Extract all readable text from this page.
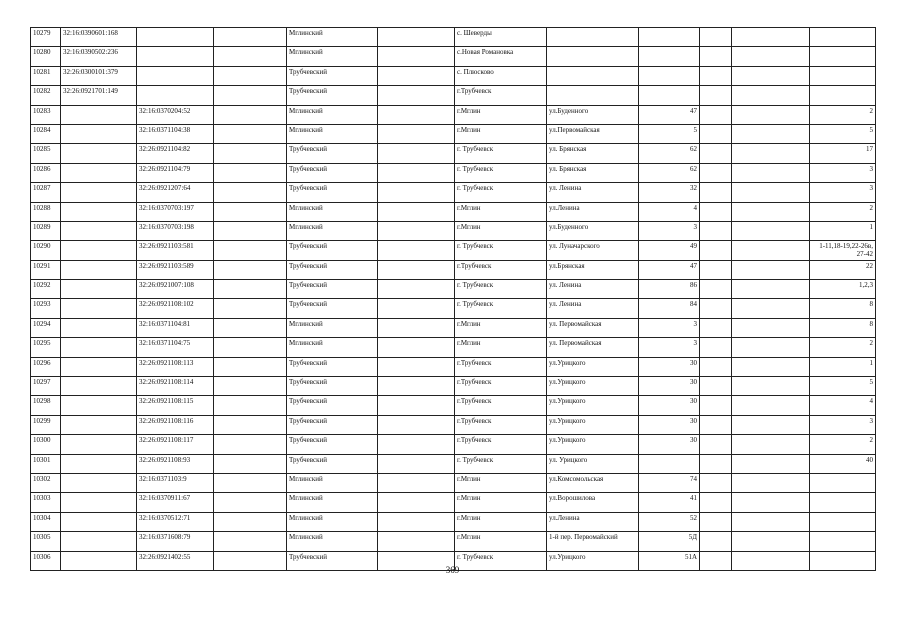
10279	32:16:0390601:168			Мглинский		с. Шеверды					
10280	32:16:0390502:236			Мглинский		с.Новая Романовка					
10281	32:26:0300101:379			Трубчевский		с. Плюсково					
10282	32:26:0921701:149			Трубчевский		г.Трубчевск					
10283		32:16:0370204:52		Мглинский		г.Мглин	ул.Буденного	47			2
10284		32:16:0371104:38		Мглинский		г.Мглин	ул.Первомайская	5			5
10285		32:26:0921104:82		Трубчевский		г. Трубчевск	ул. Брянская	62			17
10286		32:26:0921104:79		Трубчевский		г. Трубчевск	ул. Брянская	62			3
10287		32:26:0921207:64		Трубчевский		г. Трубчевск	ул. Ленина	32			3
10288		32:16:0370703:197		Мглинский		г.Мглин	ул.Ленина	4			2
10289		32:16:0370703:198		Мглинский		г.Мглин	ул.Буденного	3			1
10290		32:26:0921103:581		Трубчевский		г. Трубчевск	ул. Луначарского	49			1-11,18-19,22-26в, 27-42
10291		32:26:0921103:589		Трубчевский		г.Трубчевск	ул.Брянская	47			22
10292		32:26:0921007:108		Трубчевский		г. Трубчевск	ул. Ленина	86			1,2,3
10293		32:26:0921108:102		Трубчевский		г. Трубчевск	ул. Ленина	84			8
10294		32:16:0371104:81		Мглинский		г.Мглин	ул. Первомайская	3			8
10295		32:16:0371104:75		Мглинский		г.Мглин	ул. Первомайская	3			2
10296		32:26:0921108:113		Трубчевский		г.Трубчевск	ул.Урицкого	30			1
10297		32:26:0921108:114		Трубчевский		г.Трубчевск	ул.Урицкого	30			5
10298		32:26:0921108:115		Трубчевский		г.Трубчевск	ул.Урицкого	30			4
10299		32:26:0921108:116		Трубчевский		г.Трубчевск	ул.Урицкого	30			3
10300		32:26:0921108:117		Трубчевский		г.Трубчевск	ул.Урицкого	30			2
10301		32:26:0921108:93		Трубчевский		г. Трубчевск	ул. Урицкого				40
10302		32:16:0371103:9		Мглинский		г.Мглин	ул.Комсомольская	74			
10303		32:16:0370911:67		Мглинский		г.Мглин	ул.Ворошилова	41			
10304		32:16:0370512:71		Мглинский		г.Мглин	ул.Ленина	52			
10305		32:16:0371608:79		Мглинский		г.Мглин	1-й пер. Первомайский	5Д			
10306		32:26:0921402:55		Трубчевский		г. Трубчевск	ул.Урицкого	51А			
369
